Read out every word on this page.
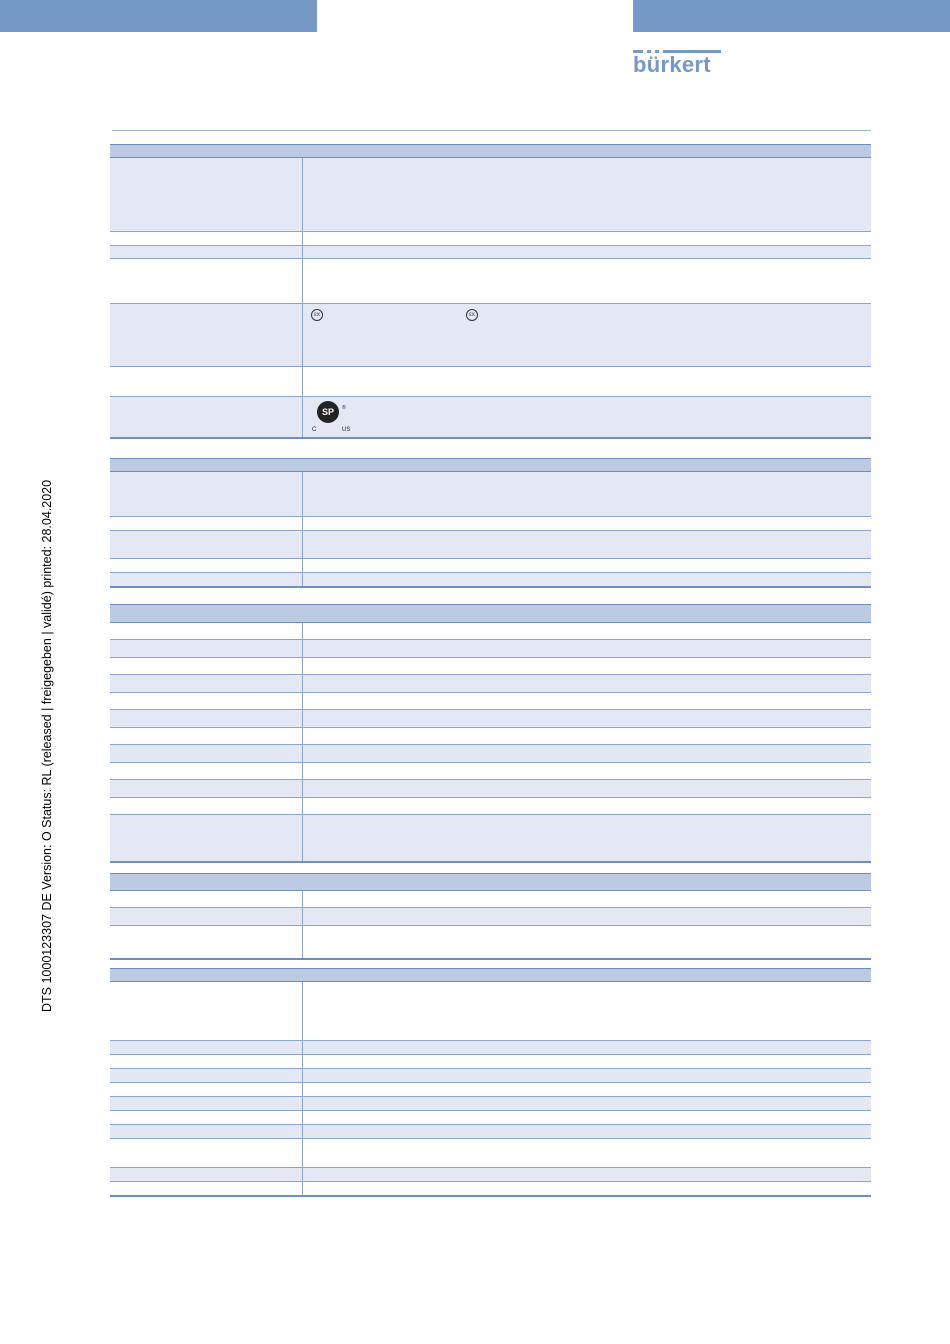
bürkert
DTS 1000123307 DE Version: O Status: RL (released | freigegeben | validé) printed: 28.04.2020
εx	εx
SP	®
C	US
